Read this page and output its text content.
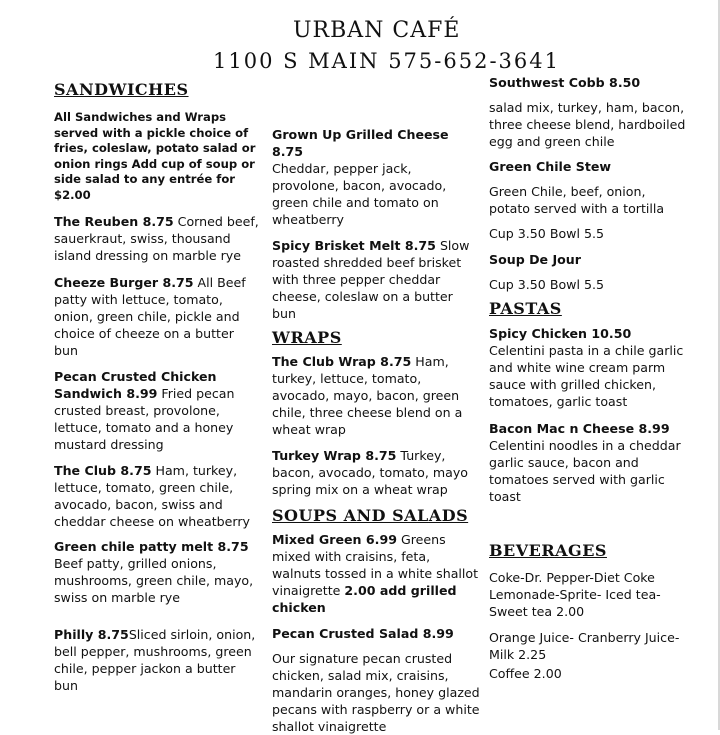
URBAN CAFÉ
1100 S MAIN 575-652-3641

SANDWICHES

All Sandwiches and Wraps served with a pickle choice of fries, coleslaw, potato salad or onion rings Add cup of soup or side salad to any entrée for $2.00

The Reuben 8.75 Corned beef, sauerkraut, swiss, thousand island dressing on marble rye

Cheeze Burger 8.75 All Beef patty with lettuce, tomato, onion, green chile, pickle and choice of cheeze on a butter bun

Pecan Crusted Chicken Sandwich 8.99 Fried pecan crusted breast, provolone, lettuce, tomato and a honey mustard dressing

The Club 8.75 Ham, turkey, lettuce, tomato, green chile, avocado, bacon, swiss and cheddar cheese on wheatberry

Green chile patty melt 8.75 Beef patty, grilled onions, mushrooms, green chile, mayo, swiss on marble rye

Philly 8.75Sliced sirloin, onion, bell pepper, mushrooms, green chile, pepper jackon a butter bun

Grown Up Grilled Cheese 8.75
Cheddar, pepper jack, provolone, bacon, avocado, green chile and tomato on wheatberry

Spicy Brisket Melt 8.75 Slow roasted shredded beef brisket with three pepper cheddar cheese, coleslaw on a butter bun

WRAPS

The Club Wrap 8.75 Ham, turkey, lettuce, tomato, avocado, mayo, bacon, green chile, three cheese blend on a wheat wrap

Turkey Wrap 8.75 Turkey, bacon, avocado, tomato, mayo spring mix on a wheat wrap

SOUPS AND SALADS

Mixed Green 6.99 Greens mixed with craisins, feta, walnuts tossed in a white shallot vinaigrette 2.00 add grilled chicken

Pecan Crusted Salad 8.99

Our signature pecan crusted chicken, salad mix, craisins, mandarin oranges, honey glazed pecans with raspberry or a white shallot vinaigrette

Southwest Cobb 8.50

salad mix, turkey, ham, bacon, three cheese blend, hardboiled egg and green chile

Green Chile Stew

Green Chile, beef, onion, potato served with a tortilla

Cup 3.50 Bowl 5.5

Soup De Jour

Cup 3.50 Bowl 5.5

PASTAS

Spicy Chicken 10.50 Celentini pasta in a chile garlic and white wine cream parm sauce with grilled chicken, tomatoes, garlic toast

Bacon Mac n Cheese 8.99
Celentini noodles in a cheddar garlic sauce, bacon and tomatoes served with garlic toast

BEVERAGES

Coke-Dr. Pepper-Diet Coke Lemonade-Sprite- Iced tea-Sweet tea 2.00

Orange Juice- Cranberry Juice-Milk 2.25

Coffee 2.00
